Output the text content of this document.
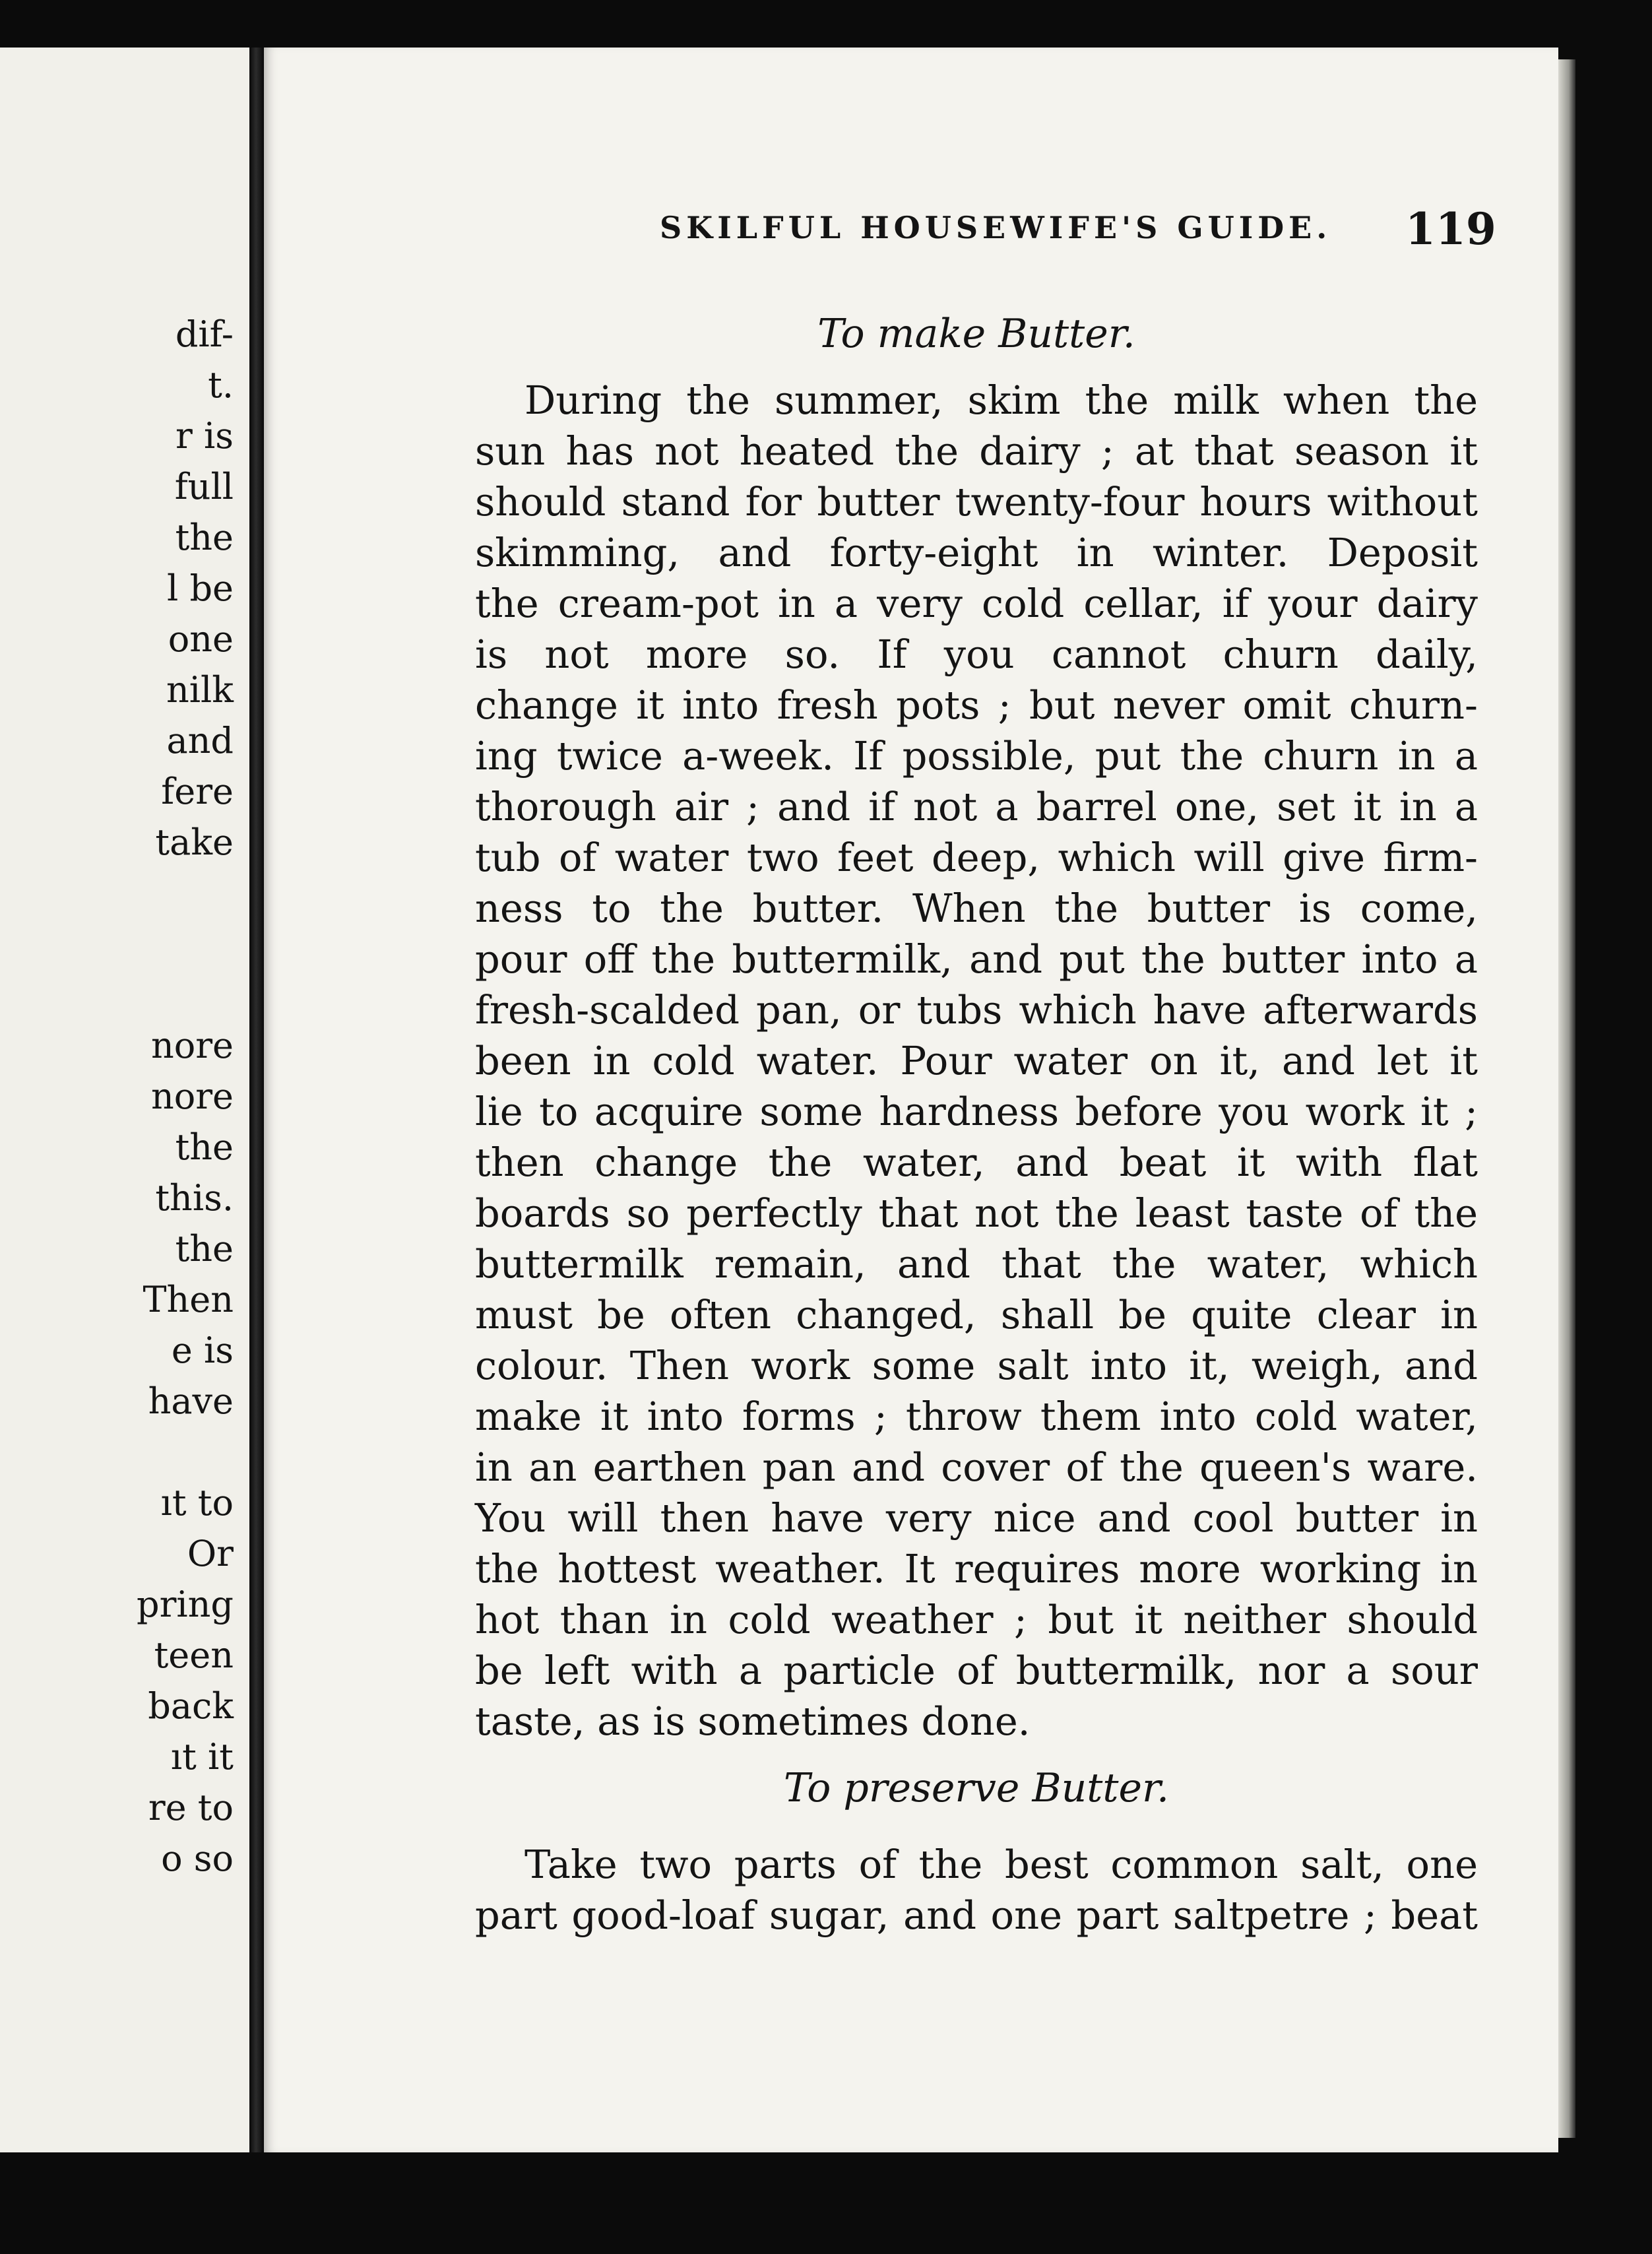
dif-
t.
r is
full
the
l be
one
nilk
and
fere
take
nore
nore
the
this.
the
Then
e is
have
ıt to
Or
pring
teen
back
ıt it
re to
o so
SKILFUL HOUSEWIFE'S GUIDE. 119
To make Butter.
During the summer, skim the milk when the
sun has not heated the dairy ; at that season it
should stand for butter twenty-four hours without
skimming, and forty-eight in winter. Deposit
the cream-pot in a very cold cellar, if your dairy
is not more so. If you cannot churn daily,
change it into fresh pots ; but never omit churn-
ing twice a-week. If possible, put the churn in a
thorough air ; and if not a barrel one, set it in a
tub of water two feet deep, which will give firm-
ness to the butter. When the butter is come,
pour off the buttermilk, and put the butter into a
fresh-scalded pan, or tubs which have afterwards
been in cold water. Pour water on it, and let it
lie to acquire some hardness before you work it ;
then change the water, and beat it with flat
boards so perfectly that not the least taste of the
buttermilk remain, and that the water, which
must be often changed, shall be quite clear in
colour. Then work some salt into it, weigh, and
make it into forms ; throw them into cold water,
in an earthen pan and cover of the queen's ware.
You will then have very nice and cool butter in
the hottest weather. It requires more working in
hot than in cold weather ; but it neither should
be left with a particle of buttermilk, nor a sour
taste, as is sometimes done.
To preserve Butter.
Take two parts of the best common salt, one
part good-loaf sugar, and one part saltpetre ; beat
